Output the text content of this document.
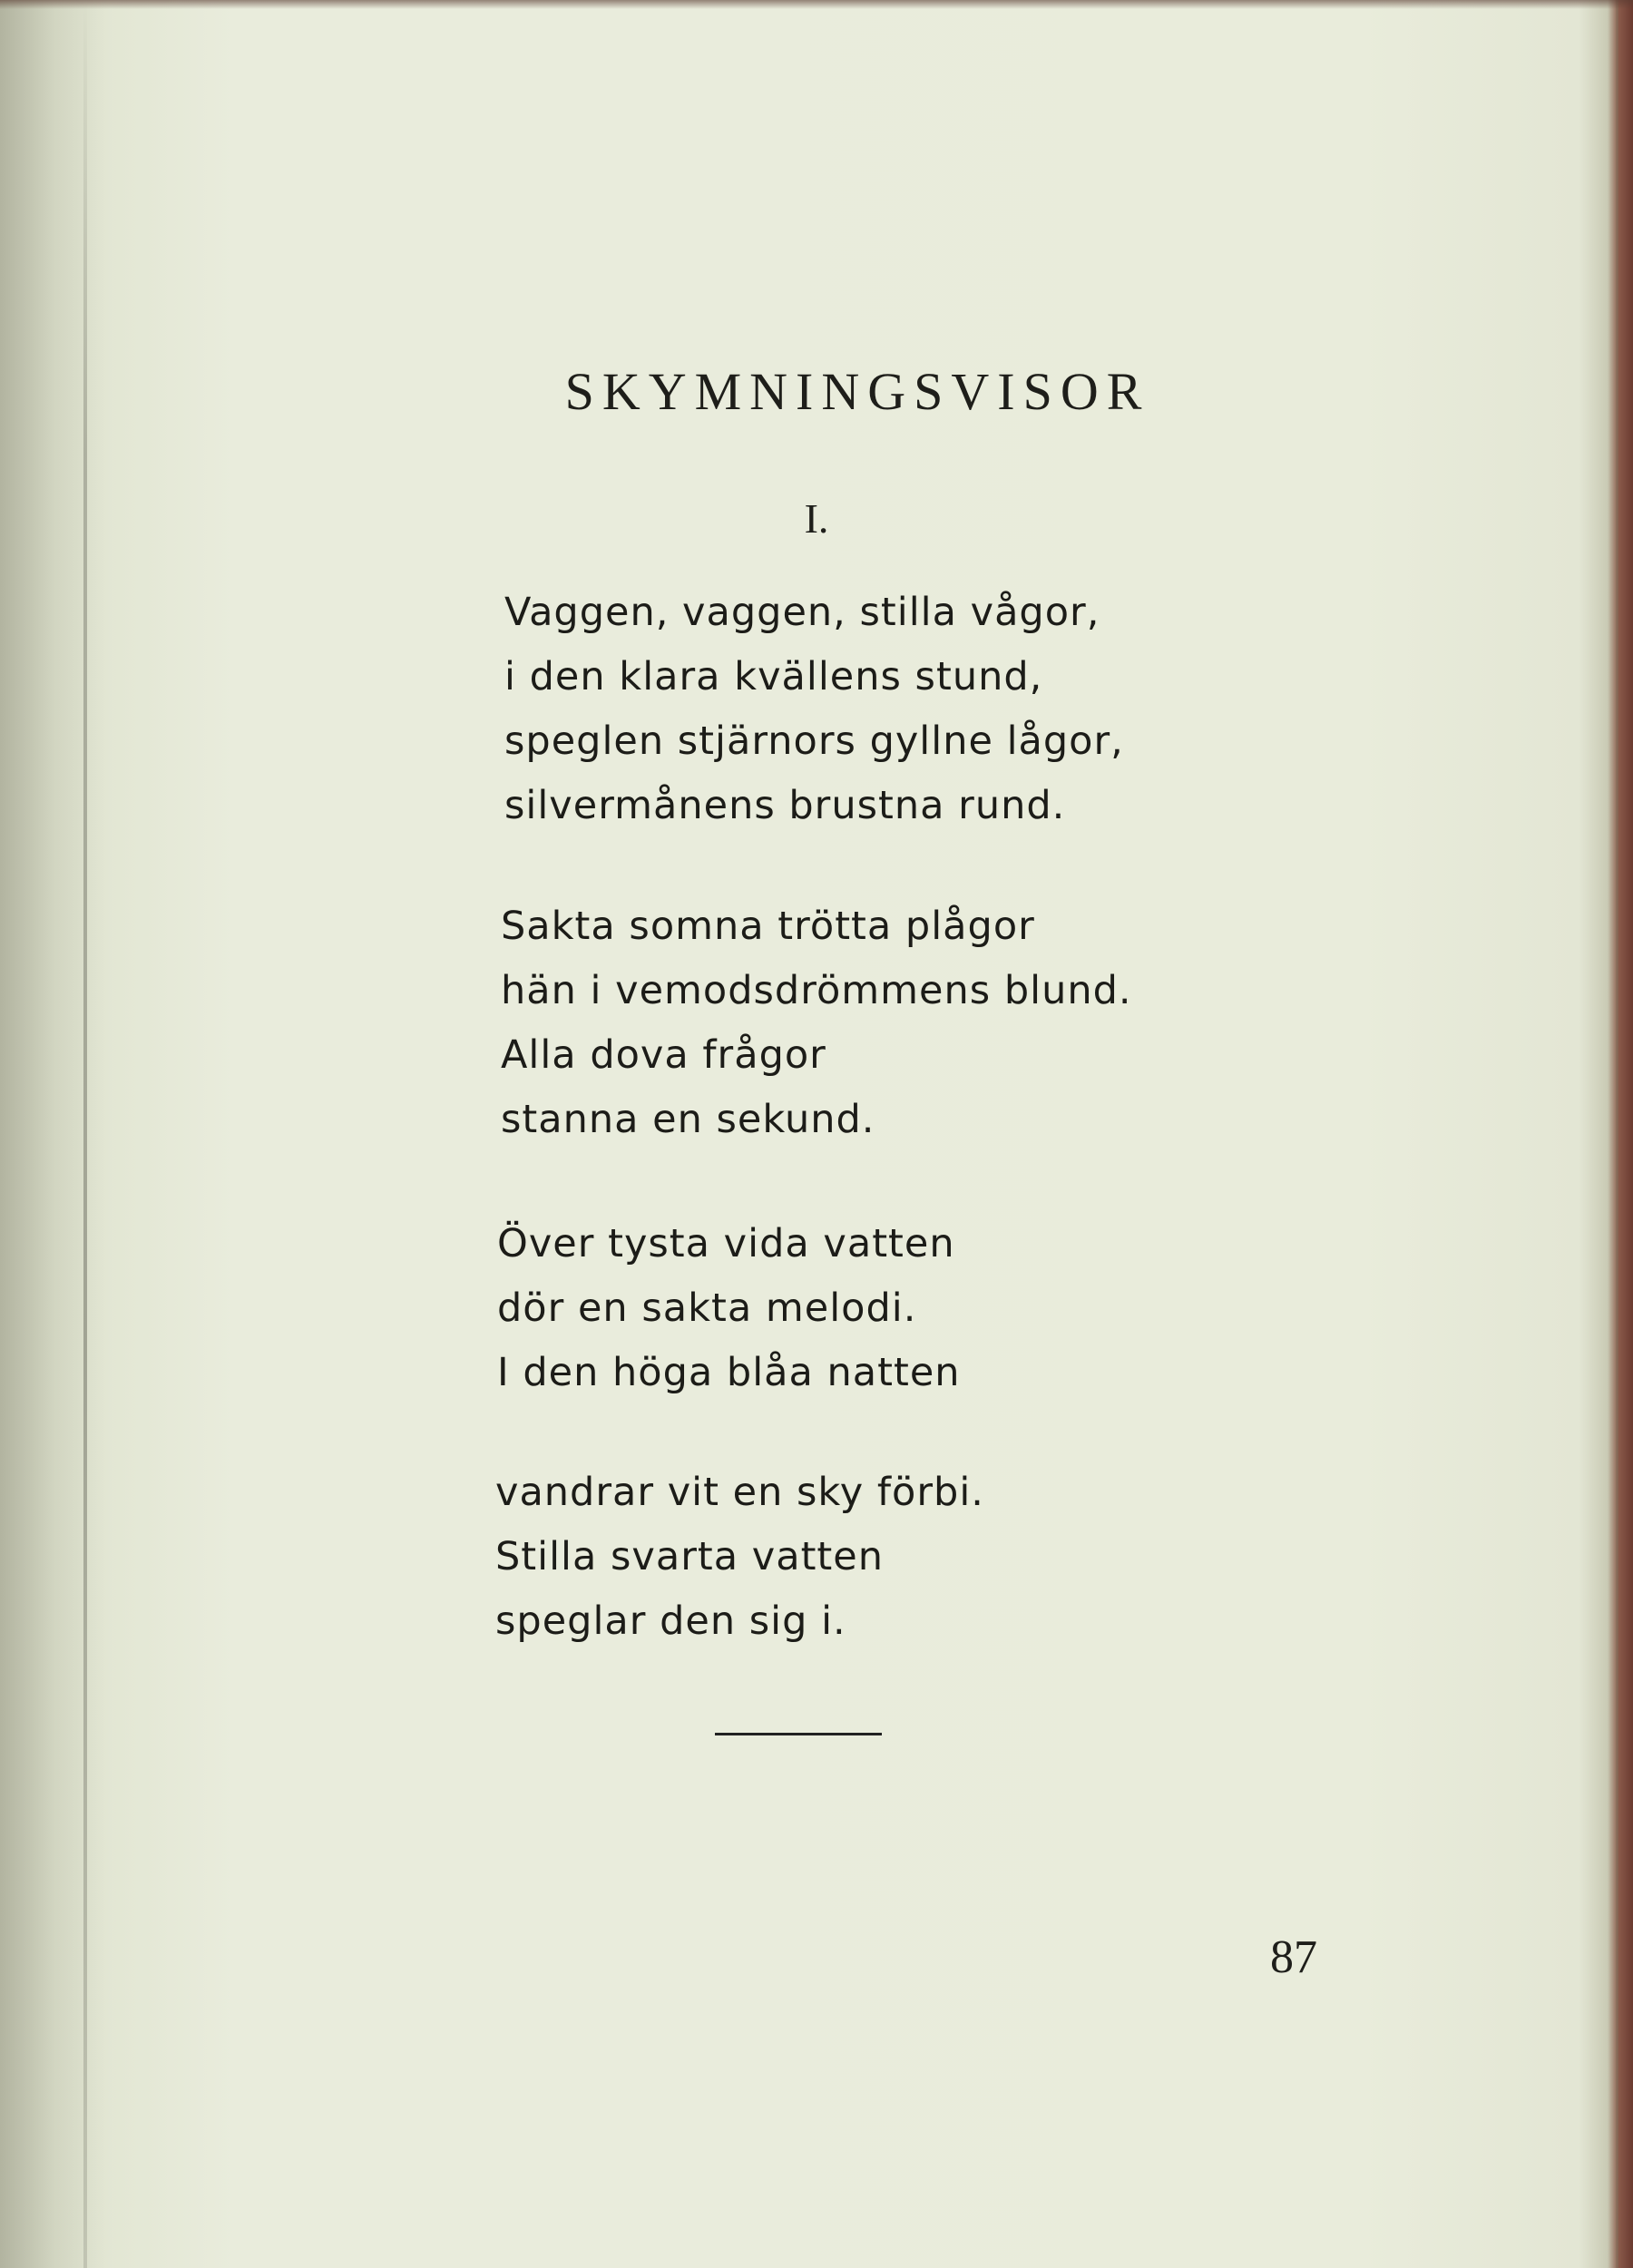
SKYMNINGSVISOR
I.
Vaggen, vaggen, stilla vågor,
i den klara kvällens stund,
speglen stjärnors gyllne lågor,
silvermånens brustna rund.
Sakta somna trötta plågor
hän i vemodsdrömmens blund.
Alla dova frågor
stanna en sekund.
Över tysta vida vatten
dör en sakta melodi.
I den höga blåa natten
vandrar vit en sky förbi.
Stilla svarta vatten
speglar den sig i.
87
